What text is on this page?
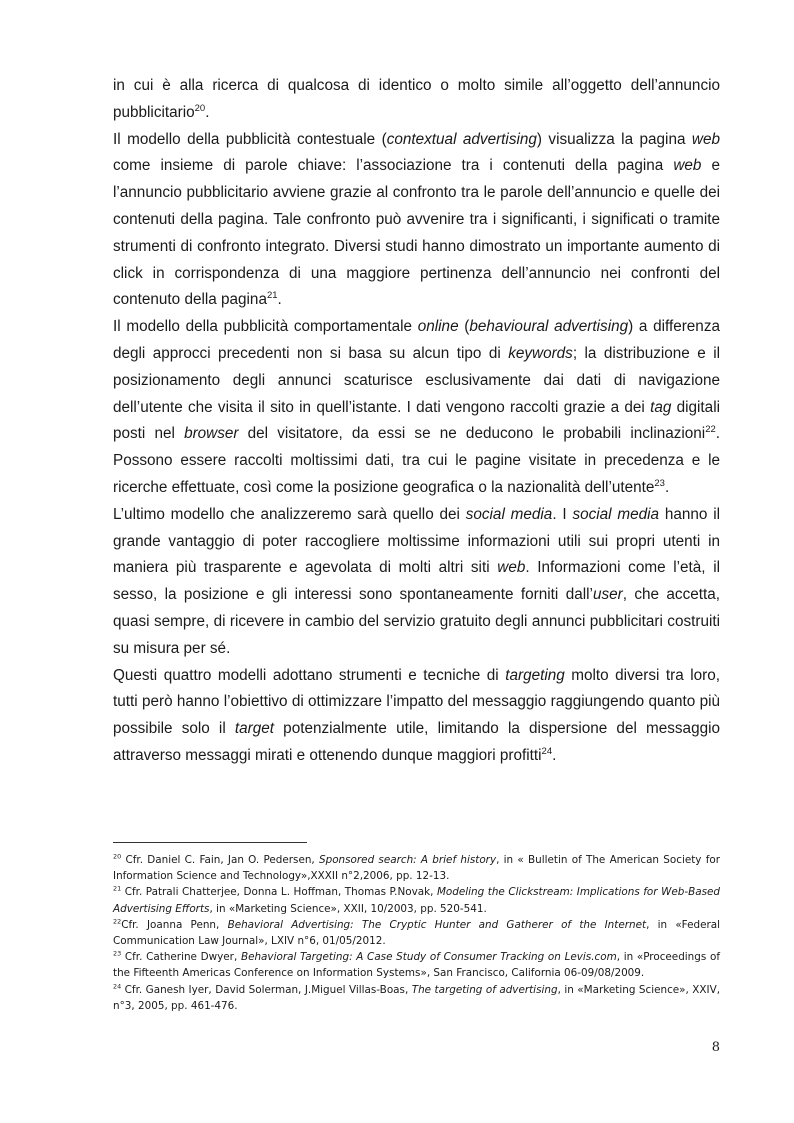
in cui è alla ricerca di qualcosa di identico o molto simile all’oggetto dell’annuncio pubblicitario$^{20}$.

Il modello della pubblicità contestuale (contextual advertising) visualizza la pagina web come insieme di parole chiave: l’associazione tra i contenuti della pagina web e l’annuncio pubblicitario avviene grazie al confronto tra le parole dell’annuncio e quelle dei contenuti della pagina. Tale confronto può avvenire tra i significanti, i significati o tramite strumenti di confronto integrato. Diversi studi hanno dimostrato un importante aumento di click in corrispondenza di una maggiore pertinenza dell’annuncio nei confronti del contenuto della pagina$^{21}$.

Il modello della pubblicità comportamentale online (behavioural advertising) a differenza degli approcci precedenti non si basa su alcun tipo di keywords; la distribuzione e il posizionamento degli annunci scaturisce esclusivamente dai dati di navigazione dell’utente che visita il sito in quell’istante. I dati vengono raccolti grazie a dei tag digitali posti nel browser del visitatore, da essi se ne deducono le probabili inclinazioni$^{22}$. Possono essere raccolti moltissimi dati, tra cui le pagine visitate in precedenza e le ricerche effettuate, così come la posizione geografica o la nazionalità dell’utente$^{23}$.

L’ultimo modello che analizzeremo sarà quello dei social media. I social media hanno il grande vantaggio di poter raccogliere moltissime informazioni utili sui propri utenti in maniera più trasparente e agevolata di molti altri siti web. Informazioni come l’età, il sesso, la posizione e gli interessi sono spontaneamente forniti dall’user, che accetta, quasi sempre, di ricevere in cambio del servizio gratuito degli annunci pubblicitari costruiti su misura per sé.

Questi quattro modelli adottano strumenti e tecniche di targeting molto diversi tra loro, tutti però hanno l’obiettivo di ottimizzare l’impatto del messaggio raggiungendo quanto più possibile solo il target potenzialmente utile, limitando la dispersione del messaggio attraverso messaggi mirati e ottenendo dunque maggiori profitti$^{24}$.

$^{20}$ Cfr. Daniel C. Fain, Jan O. Pedersen, Sponsored search: A brief history, in « Bulletin of The American Society for Information Science and Technology»,XXXII n°2,2006, pp. 12-13.

$^{21}$ Cfr. Patrali Chatterjee, Donna L. Hoffman, Thomas P.Novak, Modeling the Clickstream: Implications for Web-Based Advertising Efforts, in «Marketing Science», XXII, 10/2003, pp. 520-541.

$^{22}$Cfr. Joanna Penn, Behavioral Advertising: The Cryptic Hunter and Gatherer of the Internet, in «Federal Communication Law Journal», LXIV n°6, 01/05/2012.

$^{23}$ Cfr. Catherine Dwyer, Behavioral Targeting: A Case Study of Consumer Tracking on Levis.com, in «Proceedings of the Fifteenth Americas Conference on Information Systems», San Francisco, California 06-09/08/2009.

$^{24}$ Cfr. Ganesh Iyer, David Solerman, J.Miguel Villas-Boas, The targeting of advertising, in «Marketing Science», XXIV, n°3, 2005, pp. 461-476.

8
